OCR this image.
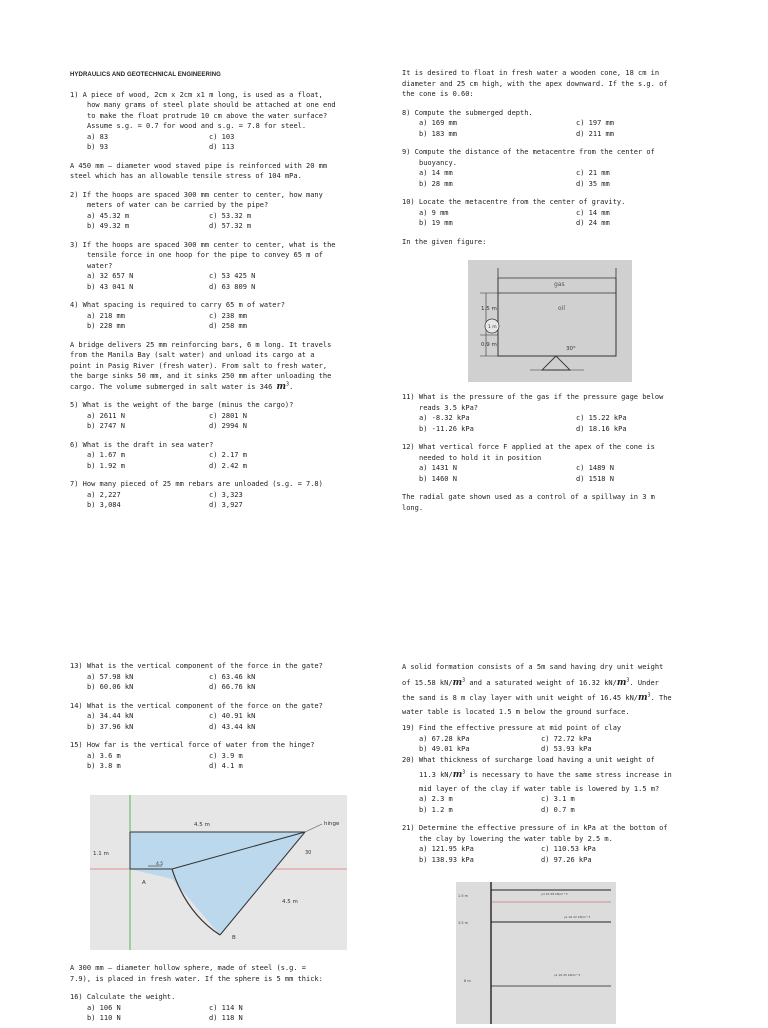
HYDRAULICS AND GEOTECHNICAL ENGINEERING

1) A piece of wood, 2cm x 2cm x1 m long, is used as a float,

how many grams of steel plate should be attached at one end

to make the float protrude 10 cm above the water surface?

Assume s.g. = 0.7 for wood and s.g. = 7.8 for steel.

a) 83	c) 103
b) 93	d) 113

A 450 mm – diameter wood staved pipe is reinforced with 20 mm

steel which has an allowable tensile stress of 104 mPa.

2) If the hoops are spaced 300 mm center to center, how many

meters of water can be carried by the pipe?

a) 45.32 m	c) 53.32 m
b) 49.32 m	d) 57.32 m

3) If the hoops are spaced 300 mm center to center, what is the

tensile force in one hoop for the pipe to convey 65 m of

water?

a) 32 657 N	c) 53 425 N
b) 43 041 N	d) 63 809 N

4) What spacing is required to carry 65 m of water?

a) 218 mm	c) 238 mm
b) 228 mm	d) 258 mm

A bridge delivers 25 mm reinforcing bars, 6 m long. It travels

from the Manila Bay (salt water) and unload its cargo at a

point in Pasig River (fresh water). From salt to fresh water,

the barge sinks 50 mm, and it sinks 250 mm after unloading the

cargo. The volume submerged in salt water is 346 $m^3$.

5) What is the weight of the barge (minus the cargo)?

a) 2611 N	c) 2801 N
b) 2747 N	d) 2994 N

6) What is the draft in sea water?

a) 1.67 m	c) 2.17 m
b) 1.92 m	d) 2.42 m

7) How many pieced of 25 mm rebars are unloaded (s.g. = 7.8)

a) 2,227	c) 3,323
b) 3,084	d) 3,927

It is desired to float in fresh water a wooden cone, 18 cm in

diameter and 25 cm high, with the apex downward. If the s.g. of

the cone is 0.60:

8) Compute the submerged depth.

a) 169 mm	c) 197 mm
b) 183 mm	d) 211 mm

9) Compute the distance of the metacentre from the center of

buoyancy.

a) 14 mm	c) 21 mm
b) 28 mm	d) 35 mm

10) Locate the metacentre from the center of gravity.

a) 9 mm	c) 14 mm
b) 19 mm	d) 24 mm

In the given figure:

gas
oil
1.5 m
1 m
0.9 m
30°

11) What is the pressure of the gas if the pressure gage below

reads 3.5 kPa?

a) -8.32 kPa	c) 15.22 kPa
b) -11.26 kPa	d) 18.16 kPa

12) What vertical force F applied at the apex of the cone is

needed to hold it in position

a) 1431 N	c) 1489 N
b) 1460 N	d) 1518 N

The radial gate shown used as a control of a spillway in 3 m

long.

13) What is the vertical component of the force in the gate?

a) 57.98 kN	c) 63.46 kN
b) 60.06 kN	d) 66.76 kN

14) What is the vertical component of the force on the gate?

a) 34.44 kN	c) 40.91 kN
b) 37.96 kN	d) 43.44 kN

15) How far is the vertical force of water from the hinge?

a) 3.6 m	c) 3.9 m
b) 3.8 m	d) 4.1 m
4.5 m	hinge
1.1 m
4.5
30
A
4.5 m
B

A 300 mm – diameter hollow sphere, made of steel (s.g. =

7.9), is placed in fresh water. If the sphere is 5 mm thick:

16) Calculate the weight.

a) 106 N	c) 114 N
b) 110 N	d) 118 N

A solid formation consists of a 5m sand having dry unit weight

of 15.58 $kN/m^3$ and a saturated weight of 16.32 $kN/m^3$. Under

the sand is 8 m clay layer with unit weight of 16.45 $kN/m^3$. The

water table is located 1.5 m below the ground surface.

19) Find the effective pressure at mid point of clay

a) 67.28 kPa	c) 72.72 kPa
b) 49.01 kPa	d) 53.93 kPa

20) What thickness of surcharge load having a unit weight of

11.3 $kN/m^3$ is necessary to have the same stress increase in

mid layer of the clay if water table is lowered by 1.5 m?

a) 2.3 m	c) 3.1 m
b) 1.2 m	d) 0.7 m

21) Determine the effective pressure of in kPa at the bottom of

the clay by lowering the water table by 2.5 m.

a) 121.95 kPa	c) 110.53 kPa
b) 138.93 kPa	d) 97.26 kPa
1.5 m
3.5 m
8 m
γd 15.58 kN/m^3
γs 16.32 kN/m^3
γs 16.45 kN/m^3
